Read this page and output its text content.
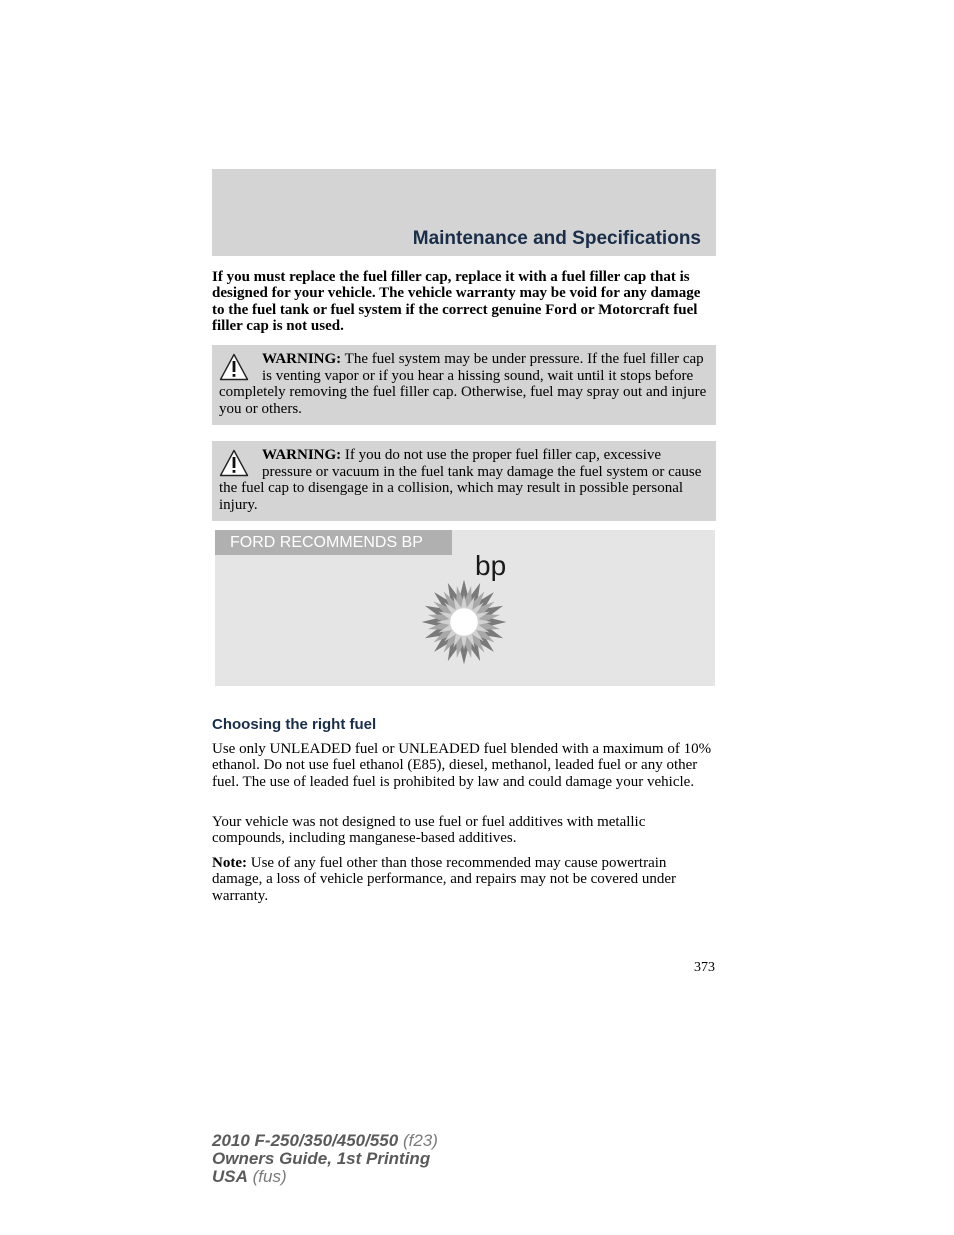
Maintenance and Specifications
If you must replace the fuel filler cap, replace it with a fuel filler cap that is designed for your vehicle. The vehicle warranty may be void for any damage to the fuel tank or fuel system if the correct genuine Ford or Motorcraft fuel filler cap is not used.
WARNING: The fuel system may be under pressure. If the fuel filler cap is venting vapor or if you hear a hissing sound, wait until it stops before completely removing the fuel filler cap. Otherwise, fuel may spray out and injure you or others.
WARNING: If you do not use the proper fuel filler cap, excessive pressure or vacuum in the fuel tank may damage the fuel system or cause the fuel cap to disengage in a collision, which may result in possible personal injury.
FORD RECOMMENDS BP
bp
Choosing the right fuel

Use only UNLEADED fuel or UNLEADED fuel blended with a maximum of 10% ethanol. Do not use fuel ethanol (E85), diesel, methanol, leaded fuel or any other fuel. The use of leaded fuel is prohibited by law and could damage your vehicle.

Your vehicle was not designed to use fuel or fuel additives with metallic compounds, including manganese-based additives.

Note: Use of any fuel other than those recommended may cause powertrain damage, a loss of vehicle performance, and repairs may not be covered under warranty.

373
2010 F-250/350/450/550 (f23)
Owners Guide, 1st Printing
USA (fus)
